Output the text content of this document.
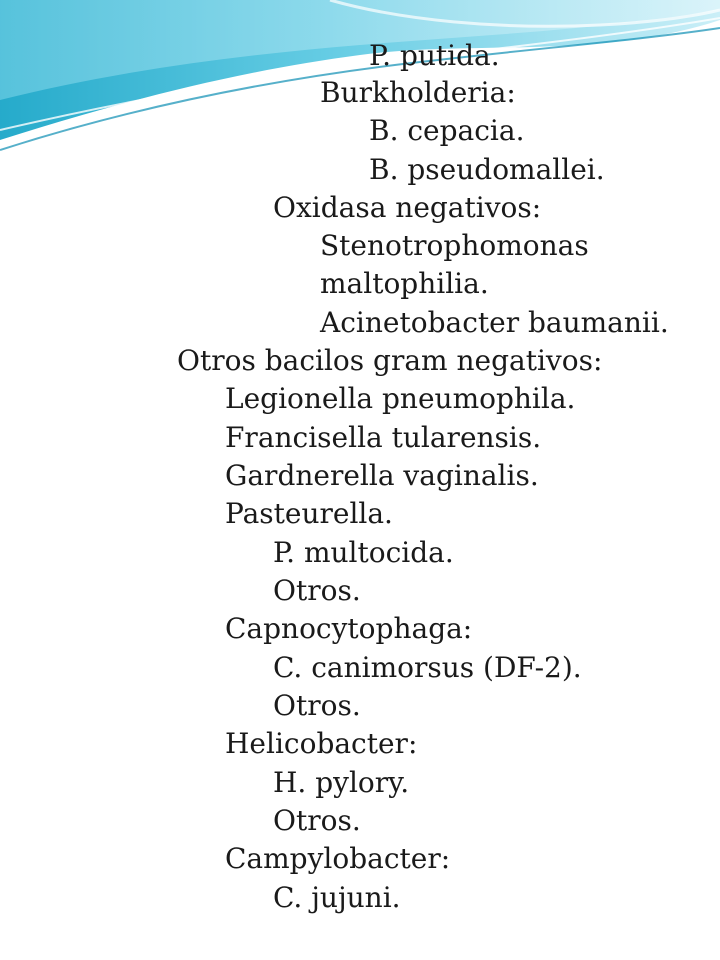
P. putida.
Burkholderia:
B. cepacia.
B. pseudomallei.
Oxidasa negativos:
Stenotrophomonas
maltophilia.
Acinetobacter baumanii.
Otros bacilos gram negativos:
Legionella pneumophila.
Francisella tularensis.
Gardnerella vaginalis.
Pasteurella.
P. multocida.
Otros.
Capnocytophaga:
C. canimorsus (DF-2).
Otros.
Helicobacter:
H. pylory.
Otros.
Campylobacter:
C. jujuni.
